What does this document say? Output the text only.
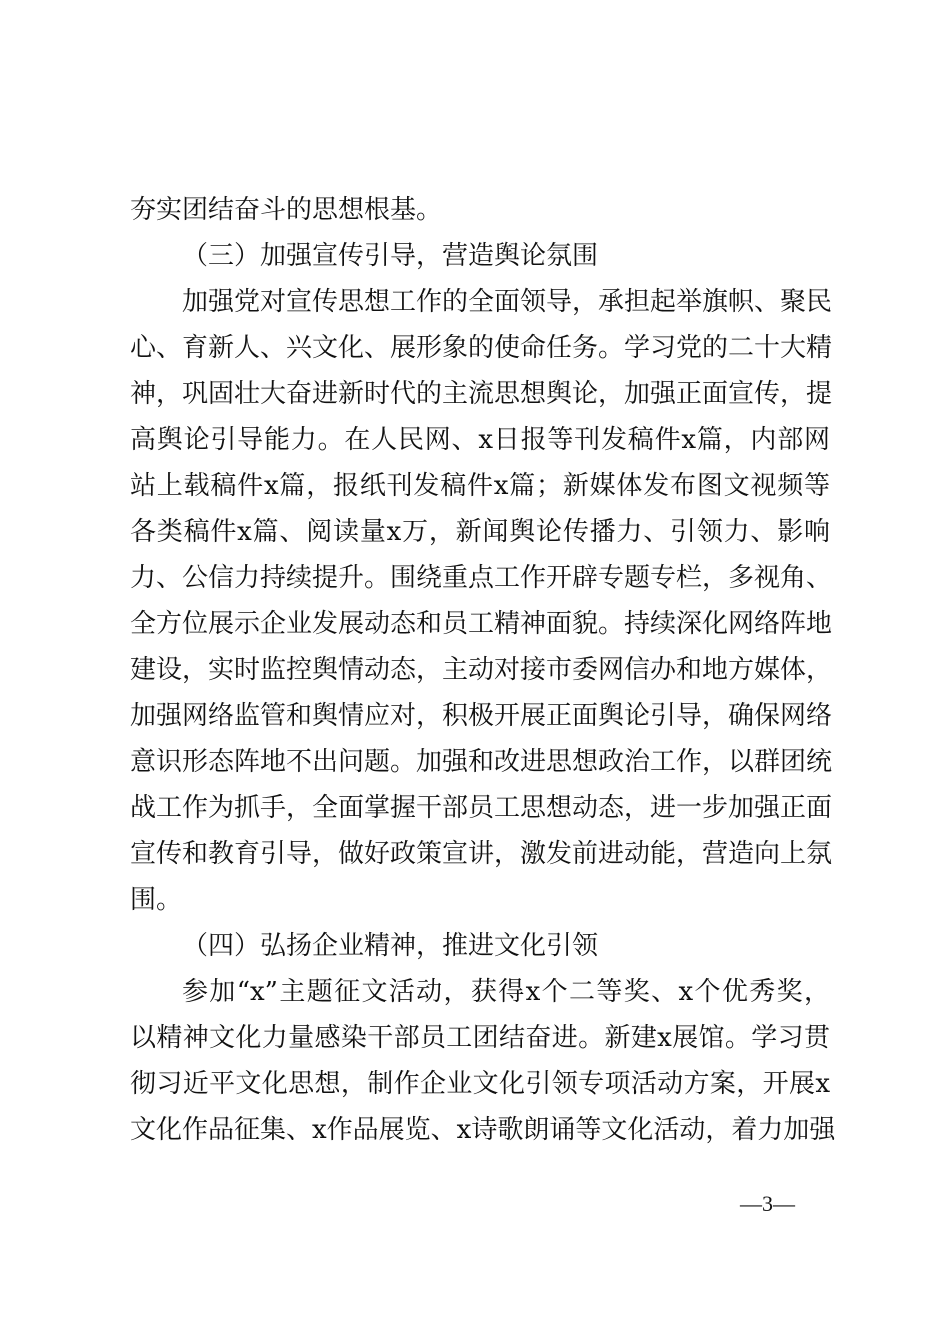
夯实团结奋斗的思想根基。
（三）加强宣传引导，营造舆论氛围
加强党对宣传思想工作的全面领导，承担起举旗帜、聚民
心、育新人、兴文化、展形象的使命任务。学习党的二十大精
神，巩固壮大奋进新时代的主流思想舆论，加强正面宣传，提
高舆论引导能力。在人民网、x日报等刊发稿件x篇，内部网
站上载稿件x篇，报纸刊发稿件x篇；新媒体发布图文视频等
各类稿件x篇、阅读量x万，新闻舆论传播力、引领力、影响
力、公信力持续提升。围绕重点工作开辟专题专栏，多视角、
全方位展示企业发展动态和员工精神面貌。持续深化网络阵地
建设，实时监控舆情动态，主动对接市委网信办和地方媒体，
加强网络监管和舆情应对，积极开展正面舆论引导，确保网络
意识形态阵地不出问题。加强和改进思想政治工作，以群团统
战工作为抓手，全面掌握干部员工思想动态，进一步加强正面
宣传和教育引导，做好政策宣讲，激发前进动能，营造向上氛
围。
（四）弘扬企业精神，推进文化引领
参加“x”主题征文活动，获得x个二等奖、x个优秀奖，
以精神文化力量感染干部员工团结奋进。新建x展馆。学习贯
彻习近平文化思想，制作企业文化引领专项活动方案，开展x
文化作品征集、x作品展览、x诗歌朗诵等文化活动，着力加强
—3—
